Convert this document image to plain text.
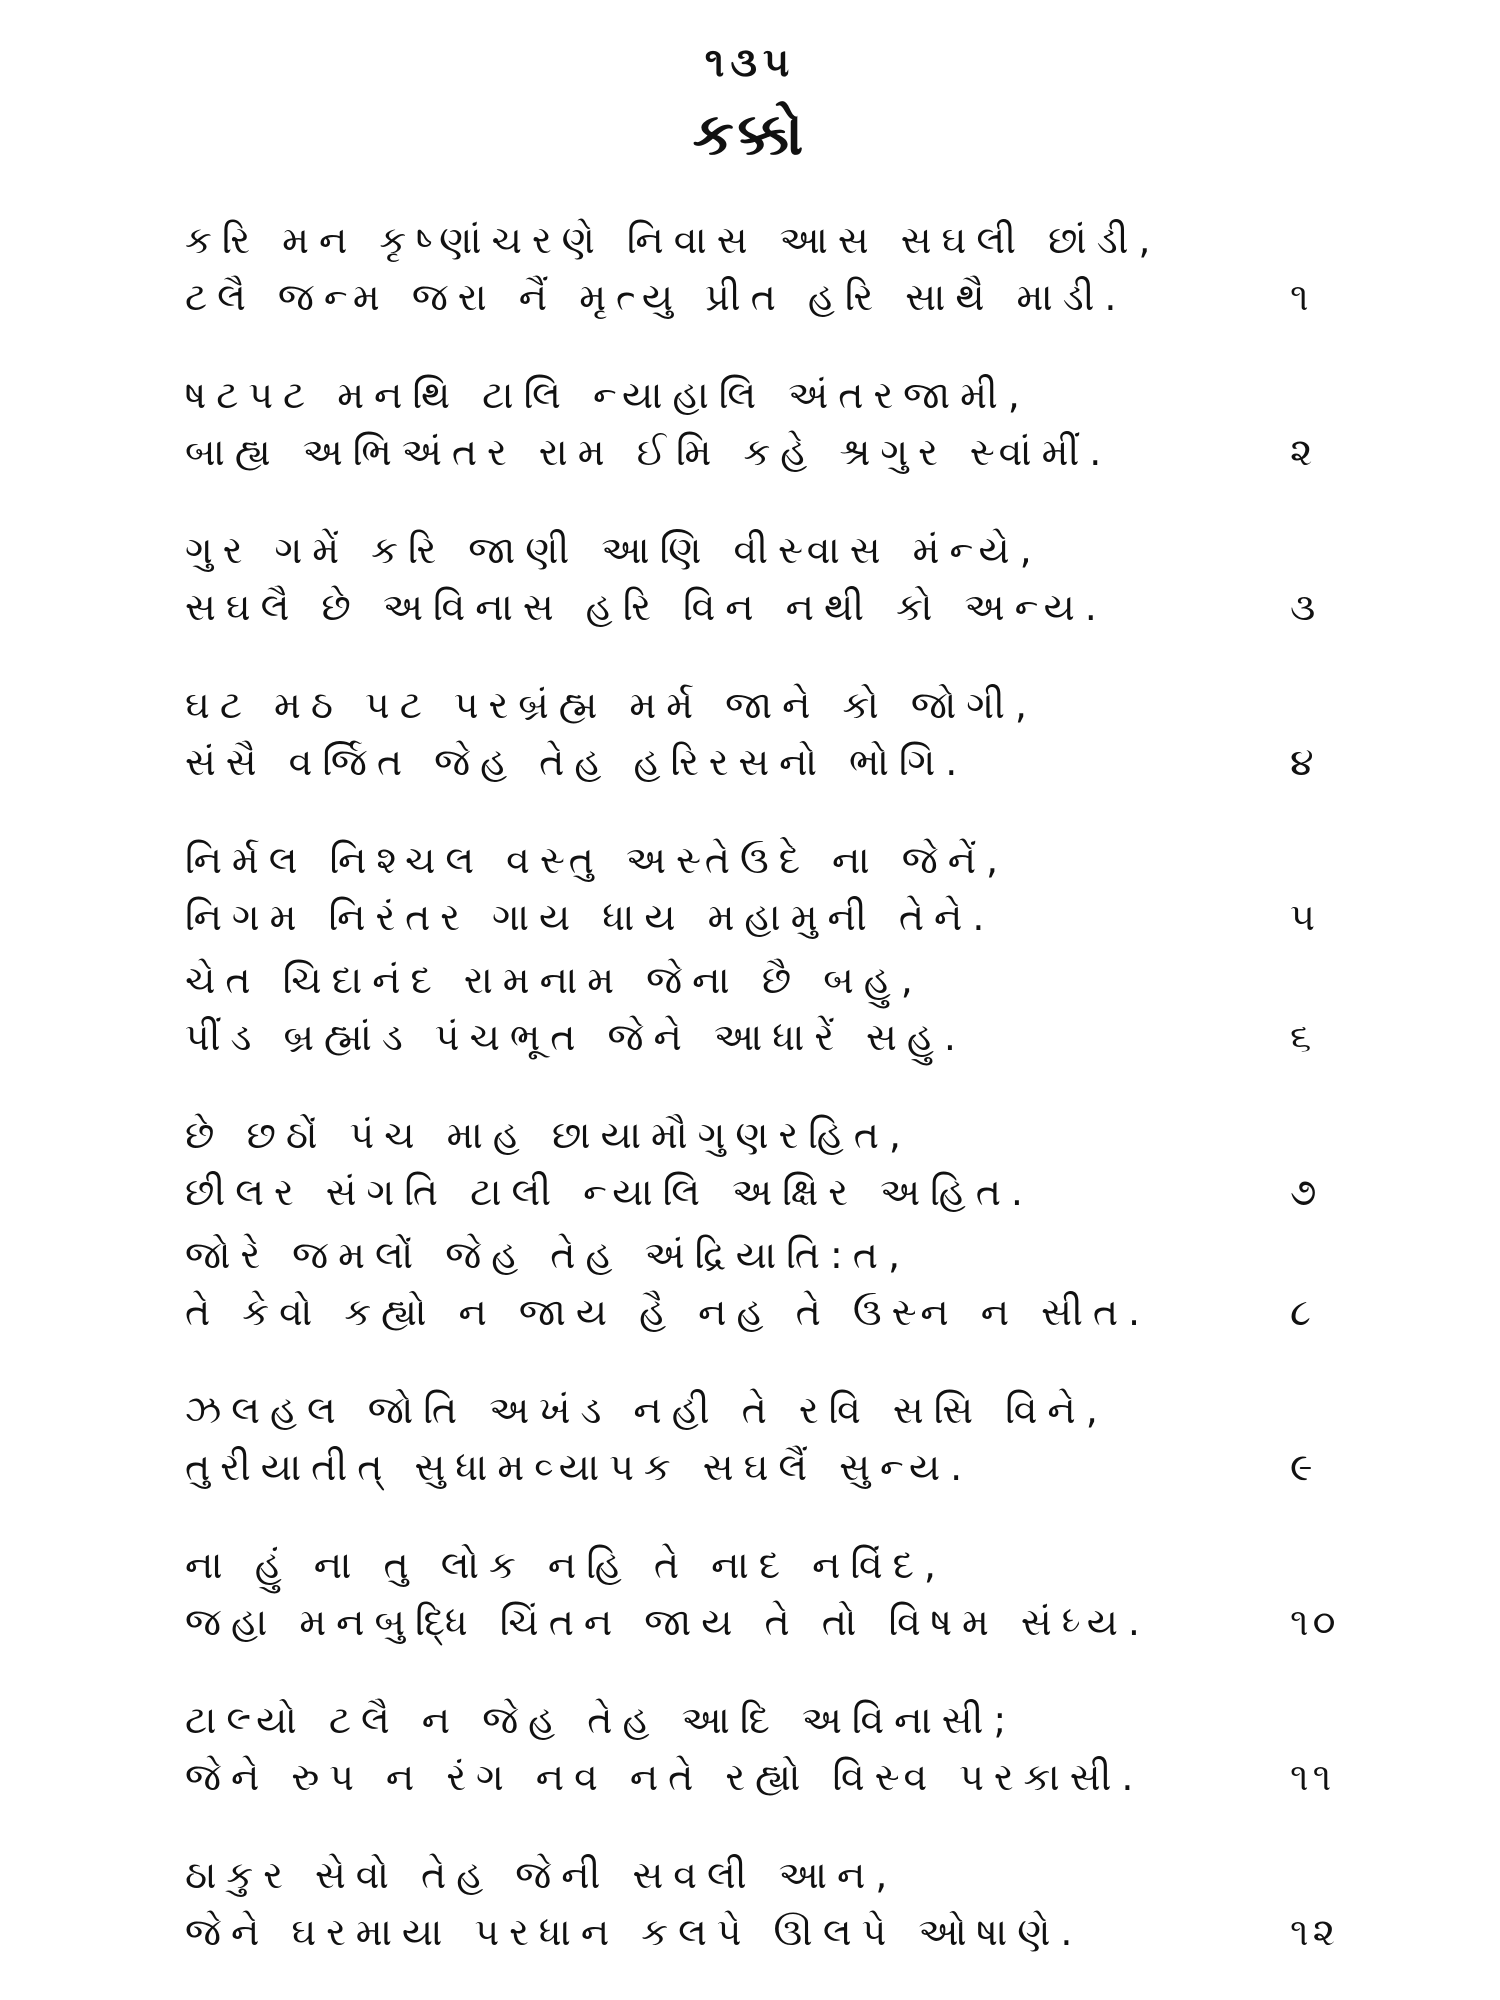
૧૩૫
કક્કો
કરિ મન કૃષ્ણાંચરણે નિવાસ આસ સઘલી છાંડી,
ટલૈ જન્મ જરા નૈં મૃત્યુ પ્રીત હરિ સાથૈ માડી.	૧
ષટપટ મનથિ ટાલિ ન્યાહાલિ અંતરજામી,
બાહ્ય અભિઅંતર રામ ઈમિ કહે શ્રગુર સ્વાંમીં.	૨
ગુર ગમેં કરિ જાણી આણિ વીસ્વાસ મંન્યે,
સઘલૈ છે અવિનાસ હરિ વિન નથી કો અન્ય.	૩
ઘટ મઠ પટ પરબ્રંહ્મ મર્મ જાને કો જોગી,
સંસૈ વર્જિત જેહ તેહ હરિરસનો ભોગિ.	૪
નિર્મલ નિશ્ચલ વસ્તુ અસ્તેઉદે ના જેનેં,
નિગમ નિરંતર ગાય ધાય મહામુની તેને.	૫
ચેત ચિદાનંદ રામનામ જેના છૈ બહુ,
પીંડ બ્રહ્માંડ પંચભૂત જેને આધારેં સહુ.	૬
છે છઠોં પંચ માહ છાયામૌગુણરહિત,
છીલર સંગતિ ટાલી ન્યાલિ અક્ષિર અહિત.	૭
જોરે જમલોં જેહ તેહ અંદ્રિયાતિ:ત,
તે કેવો કહ્યો ન જાય હૈ નહ તે ઉસ્ન ન સીત.	૮
ઝલહલ જોતિ અખંડ નહી તે રવિ સસિ વિને,
તુરીયાતીત્ સુધામવ્યાપક સઘલૈં સુન્ય.	૯
ના હું ના તુ લોક નહિ તે નાદ નવિંદ,
જહા મનબુદ્ધિ ચિંતન જાય તે તો વિષમ સંધ્ય.	૧૦
ટાલ્યો ટલૈ ન જેહ તેહ આદિ અવિનાસી;
જેને રુપ ન રંગ નવ નતે રહ્યો વિસ્વ પરકાસી.	૧૧
ઠાકુર સેવો તેહ જેની સવલી આન,
જેને ઘરમાયા પરધાન કલપે ઊલપે ઓષાણે.	૧૨
